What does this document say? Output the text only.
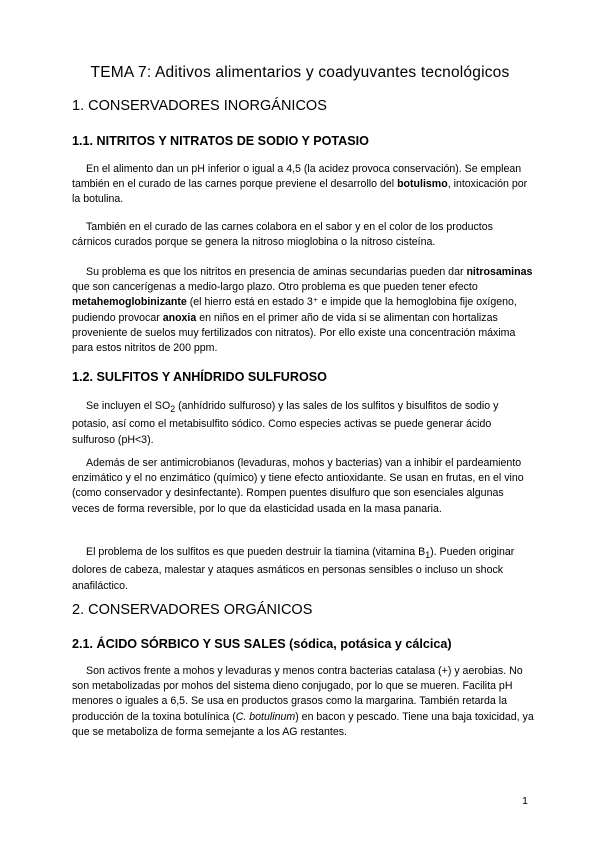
TEMA 7: Aditivos alimentarios y coadyuvantes tecnológicos
1. CONSERVADORES INORGÁNICOS
1.1. NITRITOS Y NITRATOS DE SODIO Y POTASIO

En el alimento dan un pH inferior o igual a 4,5 (la acidez provoca conservación). Se emplean también en el curado de las carnes porque previene el desarrollo del botulismo, intoxicación por la botulina.

También en el curado de las carnes colabora en el sabor y en el color de los productos cárnicos curados porque se genera la nitroso mioglobina o la nitroso cisteína.

Su problema es que los nitritos en presencia de aminas secundarias pueden dar nitrosaminas que son cancerígenas a medio-largo plazo. Otro problema es que pueden tener efecto metahemoglobinizante (el hierro está en estado 3⁺ e impide que la hemoglobina fije oxígeno, pudiendo provocar anoxia en niños en el primer año de vida si se alimentan con hortalizas proveniente de suelos muy fertilizados con nitratos). Por ello existe una concentración máxima para estos nitritos de 200 ppm.

1.2. SULFITOS Y ANHÍDRIDO SULFUROSO

Se incluyen el $SO_2$ (anhídrido sulfuroso) y las sales de los sulfitos y bisulfitos de sodio y potasio, así como el metabisulfito sódico. Como especies activas se puede generar ácido sulfuroso (pH<3).

Además de ser antimicrobianos (levaduras, mohos y bacterias) van a inhibir el pardeamiento enzimático y el no enzimático (químico) y tiene efecto antioxidante. Se usan en frutas, en el vino (como conservador y desinfectante). Rompen puentes disulfuro que son esenciales algunas veces de forma reversible, por lo que da elasticidad usada en la masa panaria.

El problema de los sulfitos es que pueden destruir la tiamina (vitamina $B_1$). Pueden originar dolores de cabeza, malestar y ataques asmáticos en personas sensibles o incluso un shock anafiláctico.

2. CONSERVADORES ORGÁNICOS
2.1. ÁCIDO SÓRBICO Y SUS SALES (sódica, potásica y cálcica)

Son activos frente a mohos y levaduras y menos contra bacterias catalasa (+) y aerobias. No son metabolizadas por mohos del sistema dieno conjugado, por lo que se mueren. Facilita pH menores o iguales a 6,5. Se usa en productos grasos como la margarina. También retarda la producción de la toxina botulínica (C. botulinum) en bacon y pescado. Tiene una baja toxicidad, ya que se metaboliza de forma semejante a los AG restantes.

1
